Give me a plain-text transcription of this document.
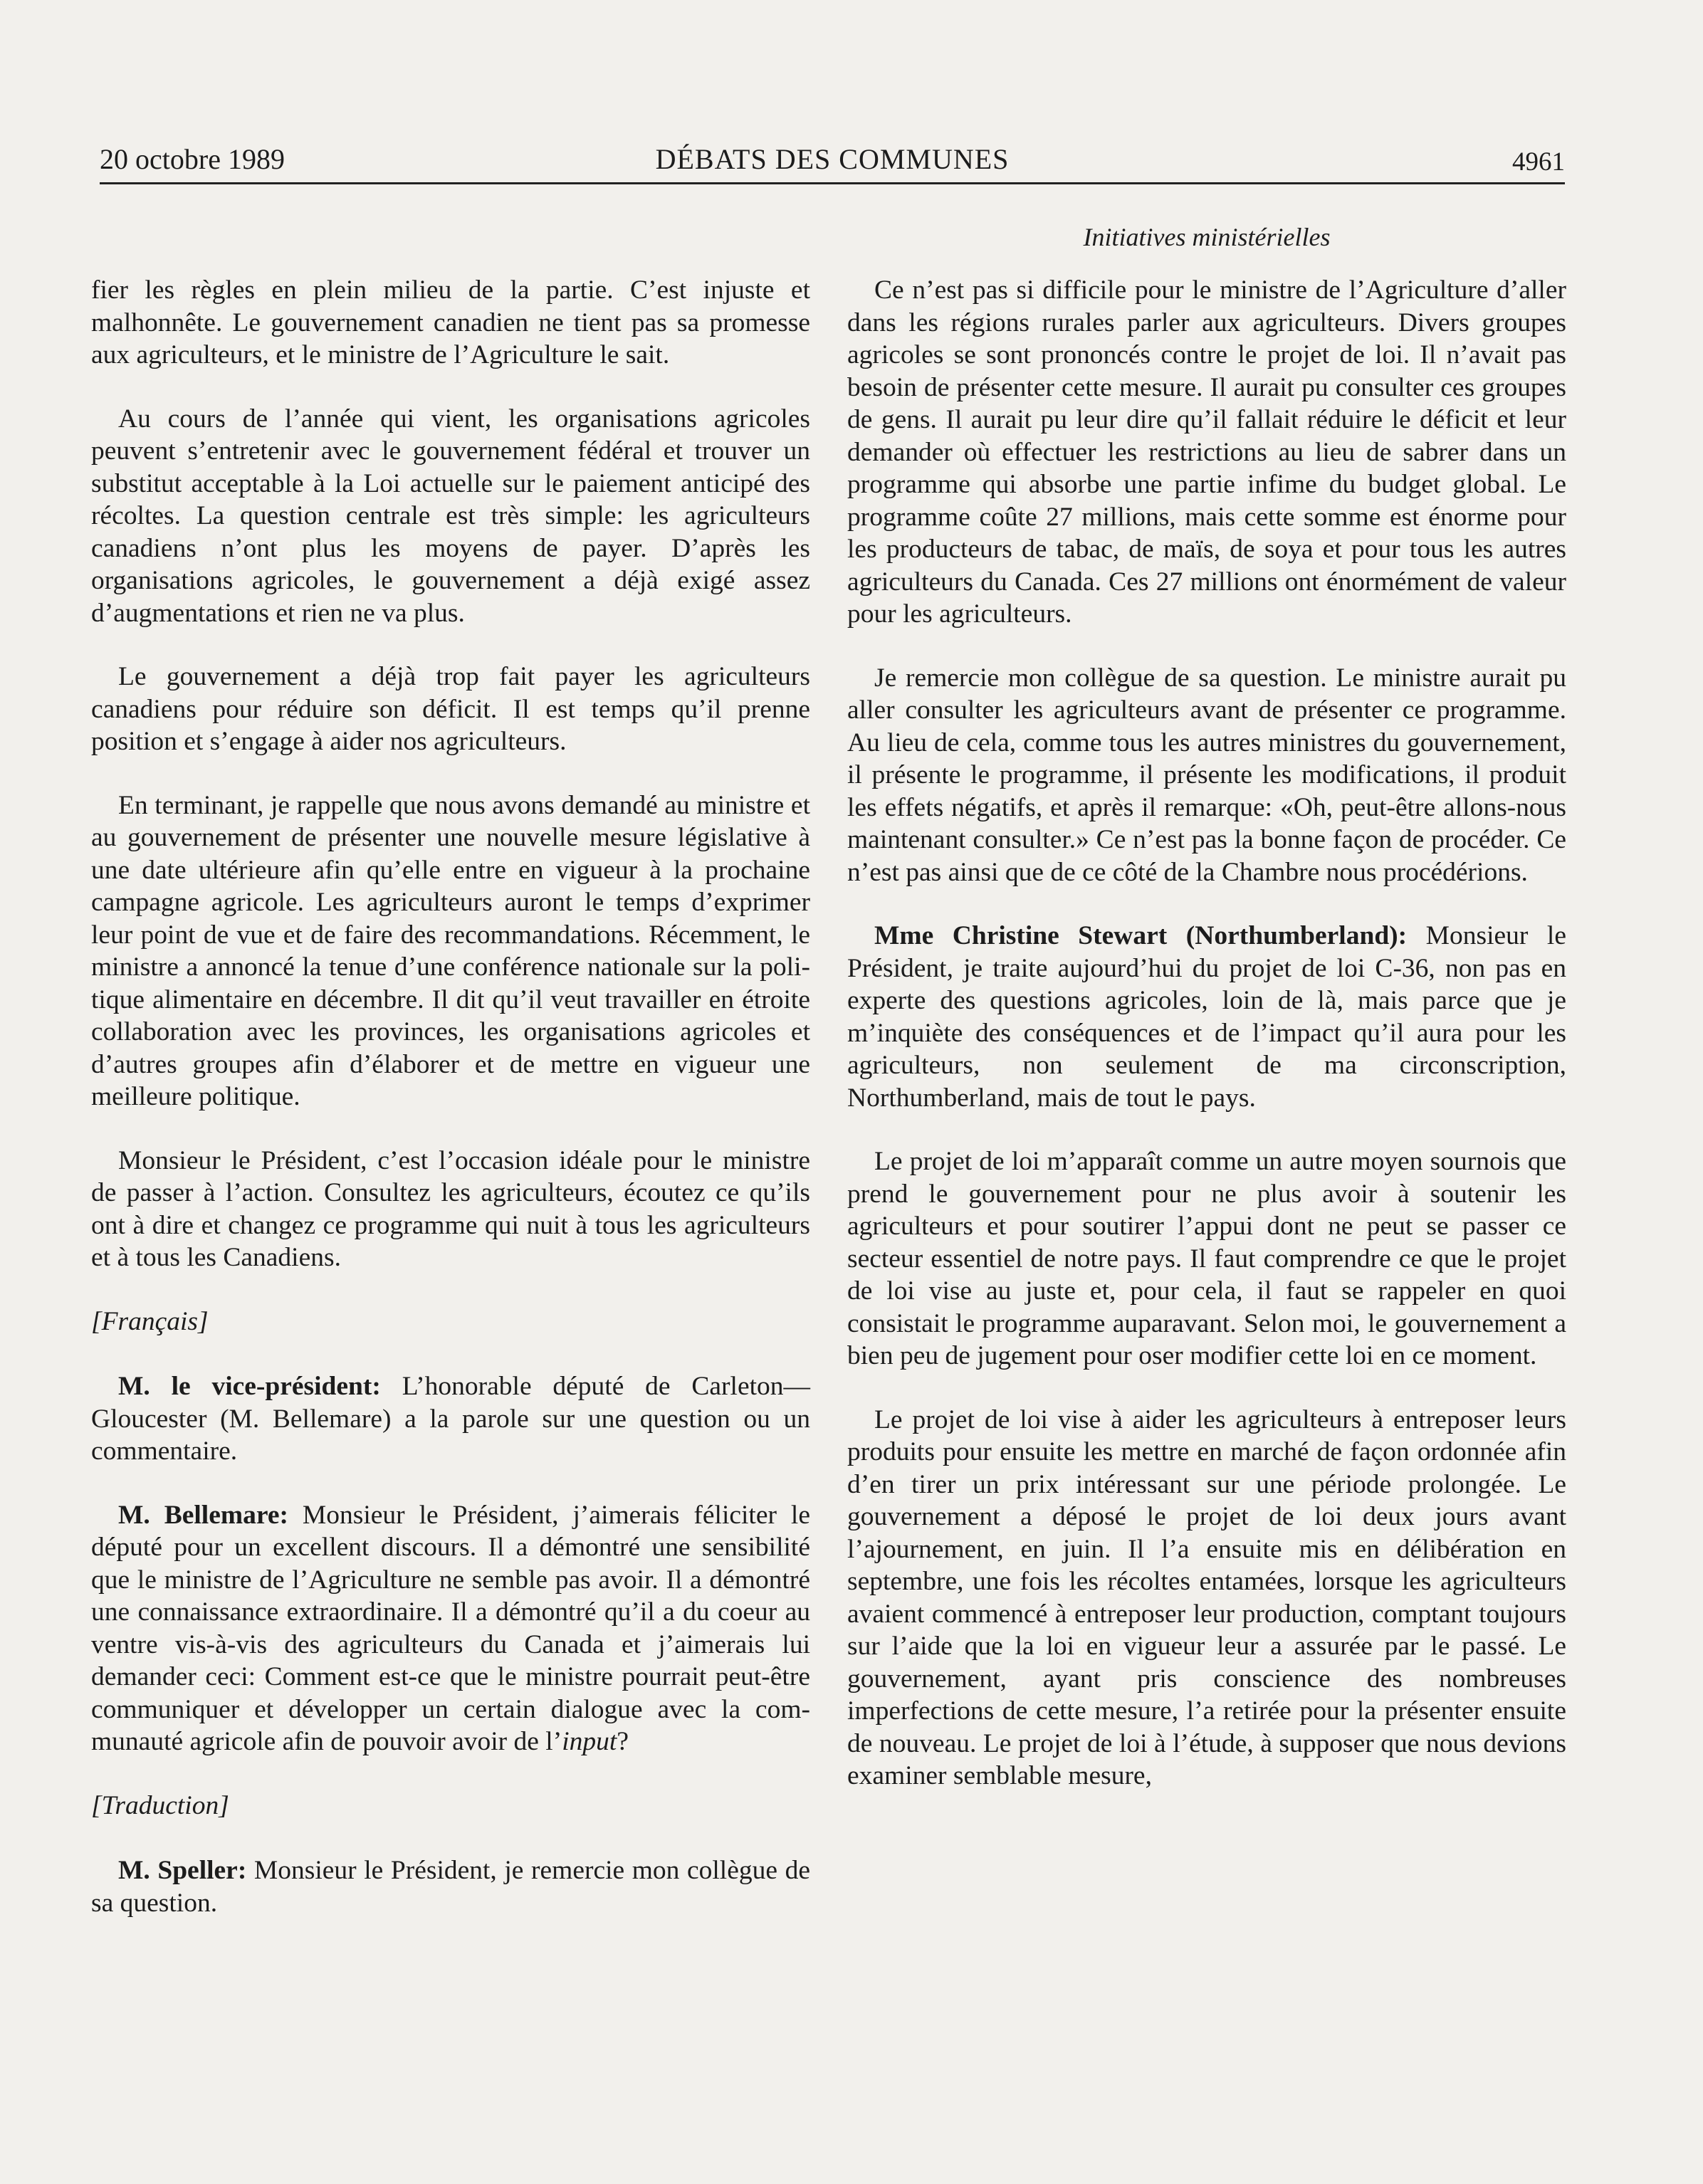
20 octobre 1989	DÉBATS DES COMMUNES	4961
Initiatives ministérielles

fier les règles en plein milieu de la partie. C’est injuste et malhonnête. Le gouvernement canadien ne tient pas sa promesse aux agriculteurs, et le ministre de l’Agriculture le sait.

Au cours de l’année qui vient, les organisations agricoles peuvent s’entretenir avec le gouvernement fédéral et trouver un substitut acceptable à la Loi actuelle sur le paiement anticipé des récoltes. La question centrale est très simple: les agriculteurs canadiens n’ont plus les moyens de payer. D’après les organisations agricoles, le gouvernement a déjà exigé assez d’augmentations et rien ne va plus.

Le gouvernement a déjà trop fait payer les agriculteurs canadiens pour réduire son déficit. Il est temps qu’il prenne position et s’engage à aider nos agriculteurs.

En terminant, je rappelle que nous avons demandé au ministre et au gouvernement de présenter une nouvelle mesure législative à une date ultérieure afin qu’elle entre en vigueur à la prochaine campagne agricole. Les agriculteurs auront le temps d’exprimer leur point de vue et de faire des recommandations. Récemment, le ministre a annoncé la tenue d’une conférence nationale sur la politique alimentaire en décembre. Il dit qu’il veut travailler en étroite collaboration avec les provinces, les organisations agricoles et d’autres groupes afin d’élaborer et de mettre en vigueur une meilleure politique.

Monsieur le Président, c’est l’occasion idéale pour le ministre de passer à l’action. Consultez les agriculteurs, écoutez ce qu’ils ont à dire et changez ce programme qui nuit à tous les agriculteurs et à tous les Canadiens.

[Français]

M. le vice-président: L’honorable député de Carleton—Gloucester (M. Bellemare) a la parole sur une question ou un commentaire.

M. Bellemare: Monsieur le Président, j’aimerais féliciter le député pour un excellent discours. Il a démontré une sensibilité que le ministre de l’Agriculture ne semble pas avoir. Il a démontré une connaissance extraordinaire. Il a démontré qu’il a du coeur au ventre vis-à-vis des agriculteurs du Canada et j’aimerais lui demander ceci: Comment est-ce que le ministre pourrait peut-être communiquer et développer un certain dialogue avec la communauté agricole afin de pouvoir avoir de l’input?

[Traduction]

M. Speller: Monsieur le Président, je remercie mon collègue de sa question.

Ce n’est pas si difficile pour le ministre de l’Agriculture d’aller dans les régions rurales parler aux agriculteurs. Divers groupes agricoles se sont prononcés contre le projet de loi. Il n’avait pas besoin de présenter cette mesure. Il aurait pu consulter ces groupes de gens. Il aurait pu leur dire qu’il fallait réduire le déficit et leur demander où effectuer les restrictions au lieu de sabrer dans un programme qui absorbe une partie infime du budget global. Le programme coûte 27 millions, mais cette somme est énorme pour les producteurs de tabac, de maïs, de soya et pour tous les autres agriculteurs du Canada. Ces 27 millions ont énormément de valeur pour les agriculteurs.

Je remercie mon collègue de sa question. Le ministre aurait pu aller consulter les agriculteurs avant de présenter ce programme. Au lieu de cela, comme tous les autres ministres du gouvernement, il présente le programme, il présente les modifications, il produit les effets négatifs, et après il remarque: «Oh, peut-être allons-nous maintenant consulter.» Ce n’est pas la bonne façon de procéder. Ce n’est pas ainsi que de ce côté de la Chambre nous procédérions.

Mme Christine Stewart (Northumberland): Monsieur le Président, je traite aujourd’hui du projet de loi C-36, non pas en experte des questions agricoles, loin de là, mais parce que je m’inquiète des conséquences et de l’impact qu’il aura pour les agriculteurs, non seulement de ma circonscription, Northumberland, mais de tout le pays.

Le projet de loi m’apparaît comme un autre moyen sournois que prend le gouvernement pour ne plus avoir à soutenir les agriculteurs et pour soutirer l’appui dont ne peut se passer ce secteur essentiel de notre pays. Il faut comprendre ce que le projet de loi vise au juste et, pour cela, il faut se rappeler en quoi consistait le programme auparavant. Selon moi, le gouvernement a bien peu de jugement pour oser modifier cette loi en ce moment.

Le projet de loi vise à aider les agriculteurs à entreposer leurs produits pour ensuite les mettre en marché de façon ordonnée afin d’en tirer un prix intéressant sur une période prolongée. Le gouvernement a déposé le projet de loi deux jours avant l’ajournement, en juin. Il l’a ensuite mis en délibération en septembre, une fois les récoltes entamées, lorsque les agriculteurs avaient commencé à entreposer leur production, comptant toujours sur l’aide que la loi en vigueur leur a assurée par le passé. Le gouvernement, ayant pris conscience des nombreuses imperfections de cette mesure, l’a retirée pour la présenter ensuite de nouveau. Le projet de loi à l’étude, à supposer que nous devions examiner semblable mesure,
